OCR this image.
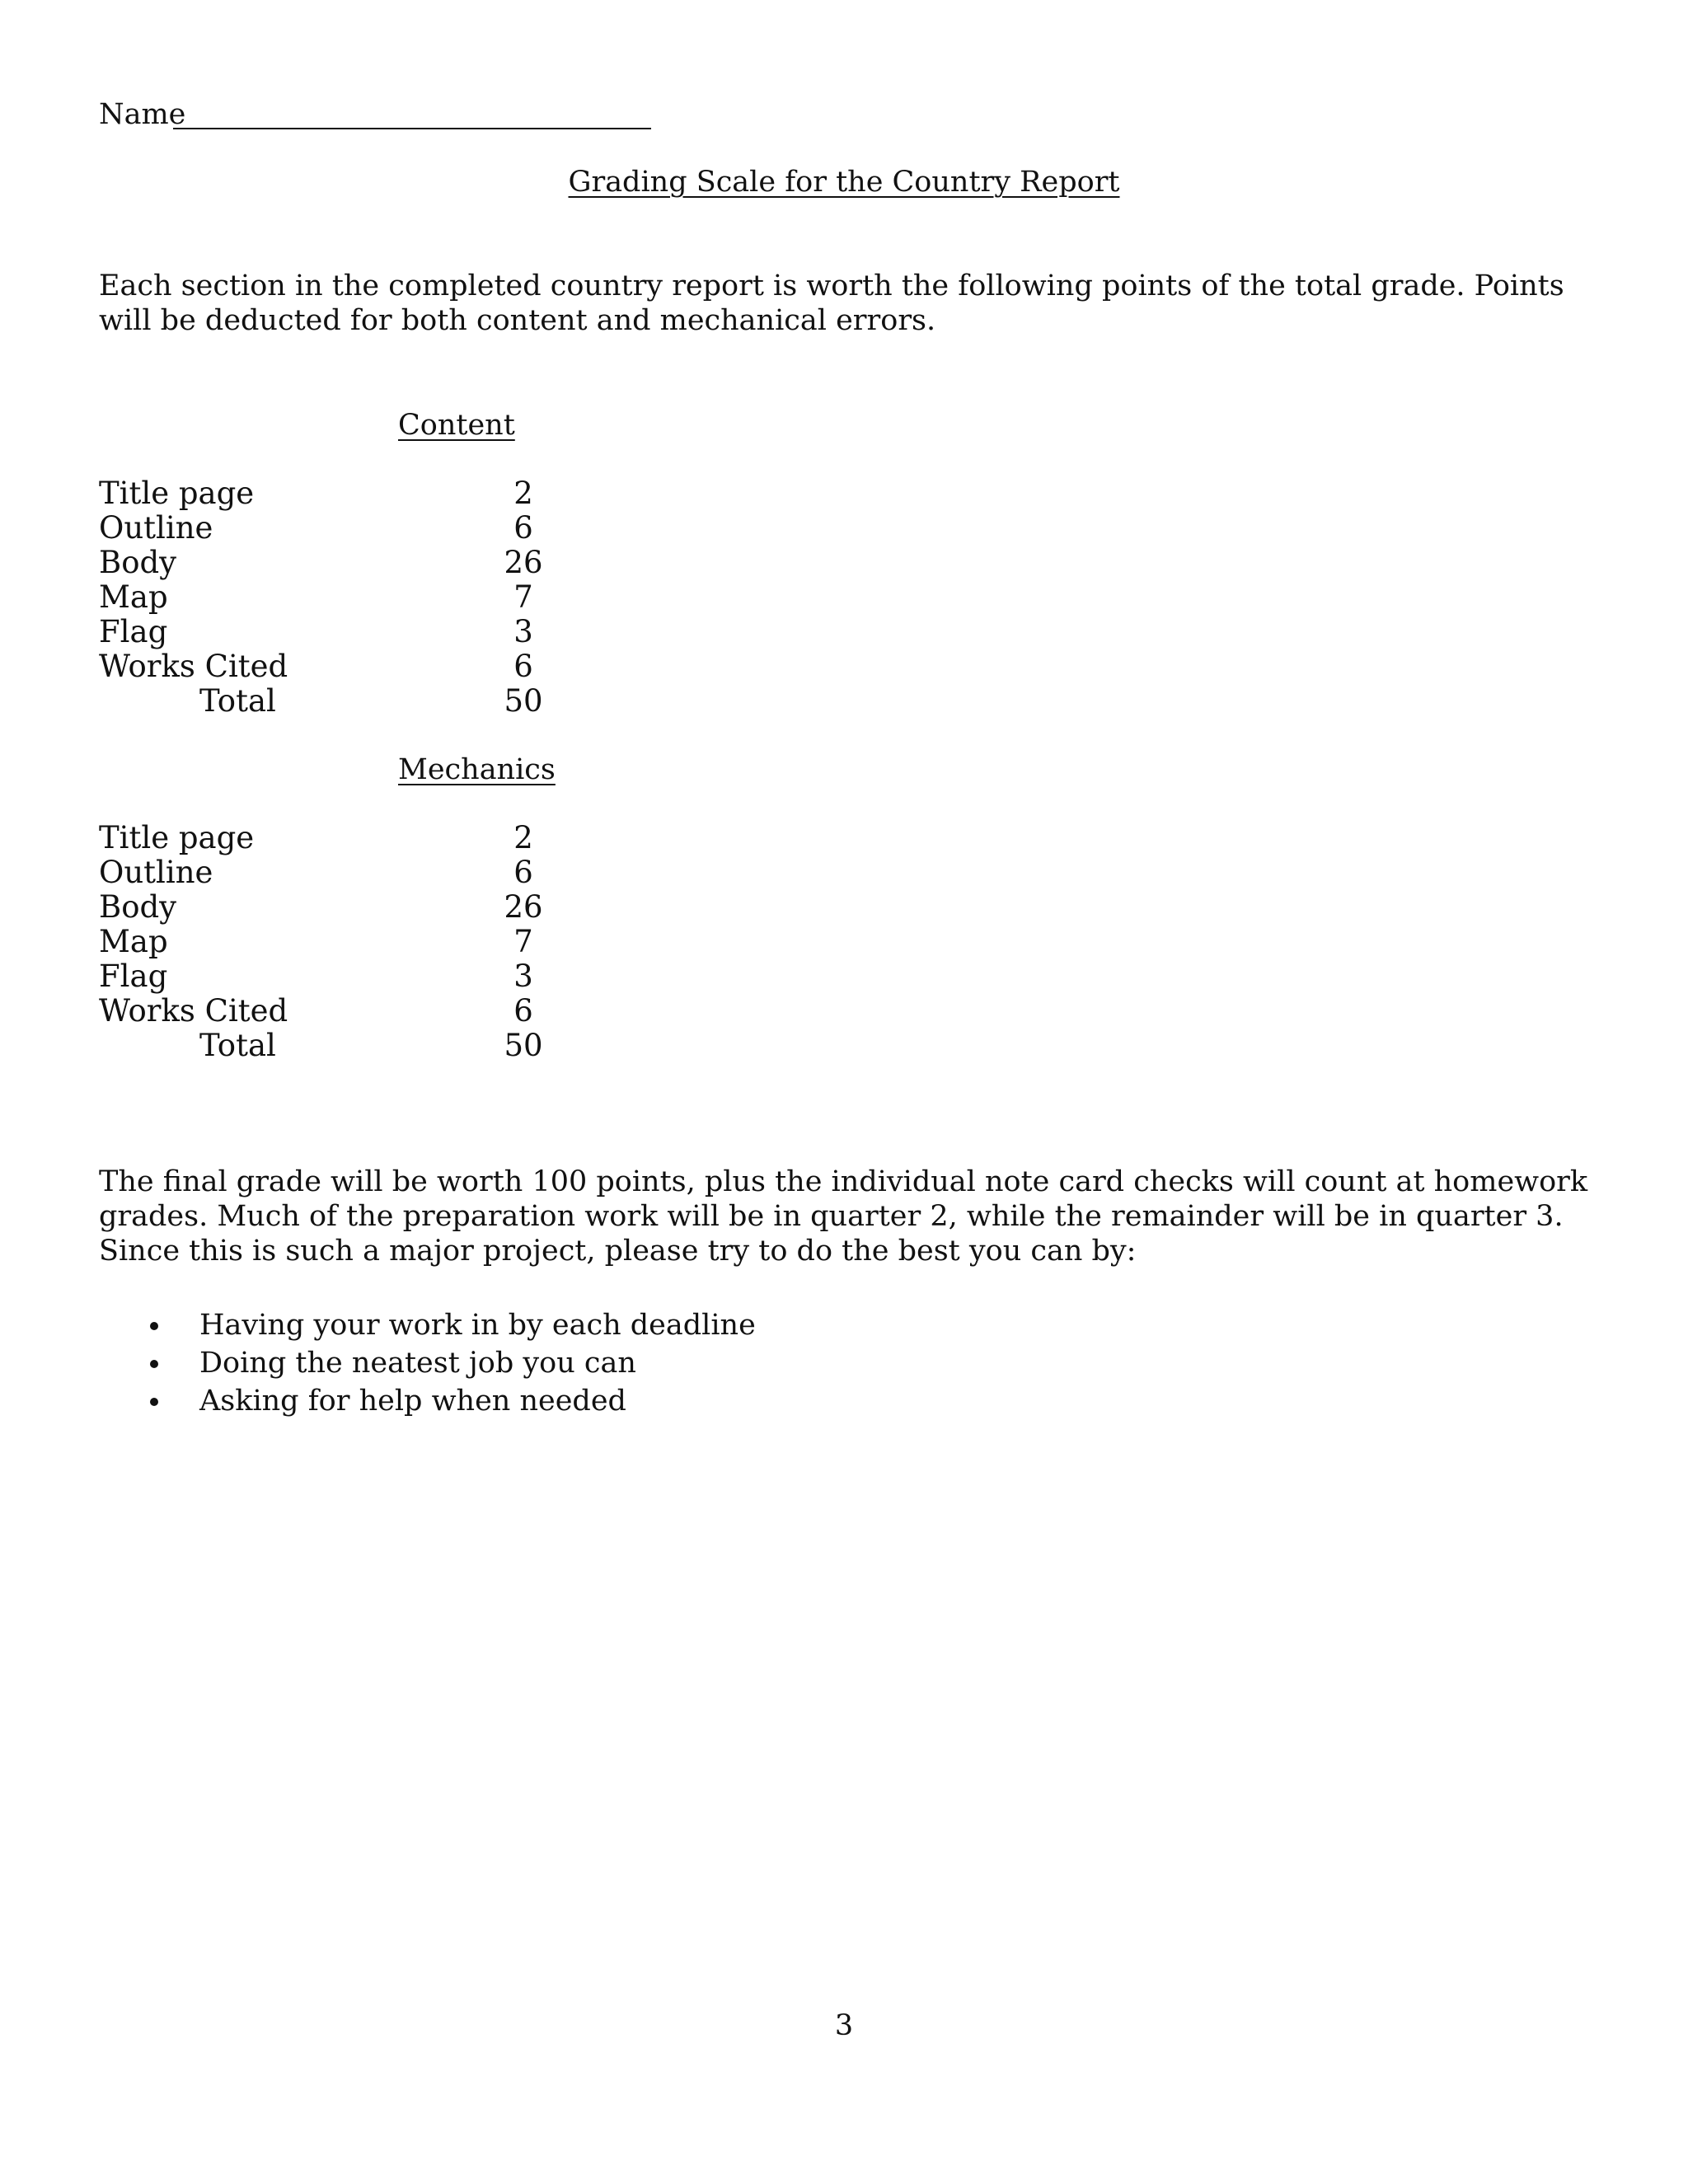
Name
Grading Scale for the Country Report
Each section in the completed country report is worth the following points of the total grade. Points will be deducted for both content and mechanical errors.
Content
Title page	2
Outline	6
Body	26
Map	7
Flag	3
Works Cited	6
Total	50
Mechanics
Title page	2
Outline	6
Body	26
Map	7
Flag	3
Works Cited	6
Total	50
The final grade will be worth 100 points, plus the individual note card checks will count at homework grades. Much of the preparation work will be in quarter 2, while the remainder will be in quarter 3. Since this is such a major project, please try to do the best you can by:
Having your work in by each deadline
Doing the neatest job you can
Asking for help when needed
3
